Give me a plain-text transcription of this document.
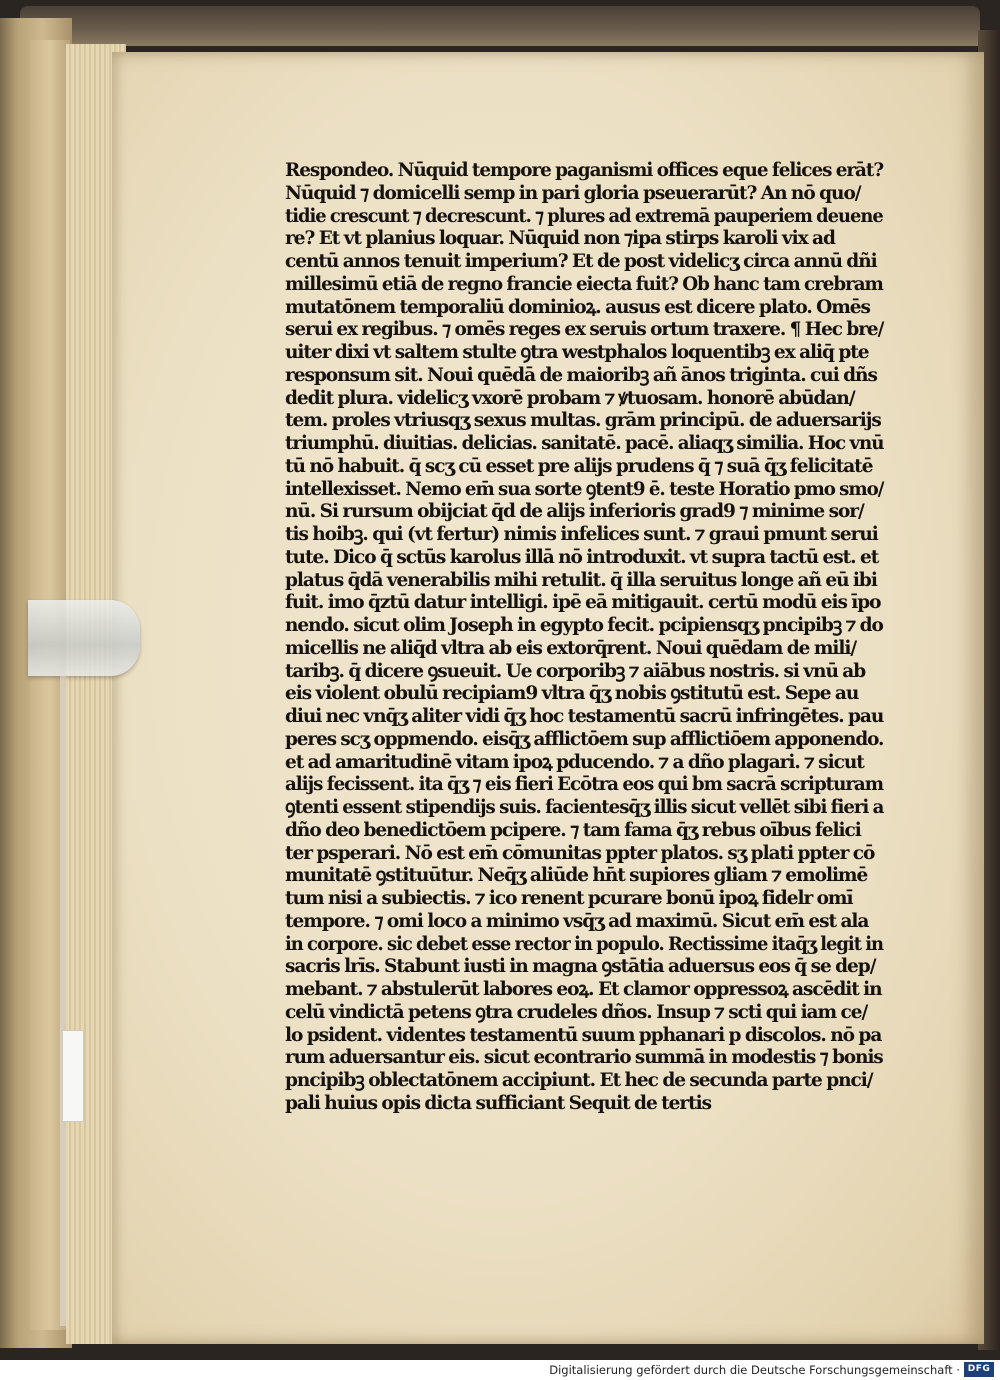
Respondeo. Nūquid tempore paganismi offices eque felices erāt?
Nūquid ⁊ domicelli semp in pari gloria pseuerarūt? An nō quo/
tidie crescunt ⁊ decrescunt. ⁊ plures ad extremā pauperiem deuene
re? Et vt planius loquar. Nūquid non ⁊ipa stirps karoli vix ad
centū annos tenuit imperium? Et de post videlicʒ circa annū dñi
millesimū etiā de regno francie eiecta fuit? Ob hanc tam crebram
mutatōnem temporaliū dominioꝝ. ausus est dicere plato. Omēs
serui ex regibus. ⁊ omēs reges ex seruis ortum traxere. ¶ Hec bre/
uiter dixi vt saltem stulte ꝯtra westphalos loquentibꝫ ex aliq̄ pte
responsum sit. Noui quēdā de maioribꝫ añ ānos triginta. cui dñs
dedit plura. videlicʒ vxorē probam ⁊ ꝟtuosam. honorē abūdan/
tem. proles vtriusqʒ sexus multas. grām principū. de aduersarijs
triumphū. diuitias. delicias. sanitatē. pacē. aliaqʒ similia. Hoc vnū
tū nō habuit. q̄ scʒ cū esset pre alijs prudens q̄ ⁊ suā q̄ʒ felicitatē
intellexisset. Nemo em̄ sua sorte ꝯtent9 ē. teste Horatio pmo smo/
nū. Si rursum obijciat q̄d de alijs inferioris grad9 ⁊ minime sor/
tis hoibꝫ. qui (vt fertur) nimis infelices sunt. ⁊ graui pmunt serui
tute. Dico q̄ sctūs karolus illā nō introduxit. vt supra tactū est. et
platus q̄dā venerabilis mihi retulit. q̄ illa seruitus longe añ eū ibi
fuit. imo q̄ztū datur intelligi. ipē eā mitigauit. certū modū eis īpo
nendo. sicut olim Joseph in egypto fecit. pcipiensqʒ pncipibꝫ ⁊ do
micellis ne aliq̄d vltra ab eis extorq̄rent. Noui quēdam de mili/
taribꝫ. q̄ dicere ꝯsueuit. Ue corporibꝫ ⁊ aiābus nostris. si vnū ab
eis violent obulū recipiam9 vltra q̄ʒ nobis ꝯstitutū est. Sepe au
diui nec vnq̄ʒ aliter vidi q̄ʒ hoc testamentū sacrū infringētes. pau
peres scʒ oppmendo. eisq̄ʒ afflictōem sup afflictiōem apponendo.
et ad amaritudinē vitam ipoꝝ pducendo. ⁊ a dño plagari. ⁊ sicut
alijs fecissent. ita q̄ʒ ⁊ eis fieri Ecōtra eos qui bm sacrā scripturam
ꝯtenti essent stipendijs suis. facientesq̄ʒ illis sicut vellēt sibi fieri a
dño deo benedictōem pcipere. ⁊ tam fama q̄ʒ rebus oībus felici
ter psperari. Nō est em̄ cōmunitas ppter platos. sʒ plati ppter cō
munitatē ꝯstituūtur. Neq̄ʒ aliūde hn̄t supiores gliam ⁊ emolimē
tum nisi a subiectis. ⁊ ico renent pcurare bonū ipoꝝ fidelr omī
tempore. ⁊ omi loco a minimo vsq̄ʒ ad maximū. Sicut em̄ est ala
in corpore. sic debet esse rector in populo. Rectissime itaq̄ʒ legit in
sacris lrīs. Stabunt iusti in magna ꝯstātia aduersus eos q̄ se dep/
mebant. ⁊ abstulerūt labores eoꝝ. Et clamor oppressoꝝ ascēdit in
celū vindictā petens ꝯtra crudeles dños. Insup ⁊ scti qui iam ce/
lo psident. videntes testamentū suum pphanari p discolos. nō pa
rum aduersantur eis. sicut econtrario summā in modestis ⁊ bonis
pncipibꝫ oblectatōnem accipiunt. Et hec de secunda parte pnci/
pali huius opis dicta sufficiant Sequit de tertis
Digitalisierung gefördert durch die Deutsche Forschungsgemeinschaft · DFG
